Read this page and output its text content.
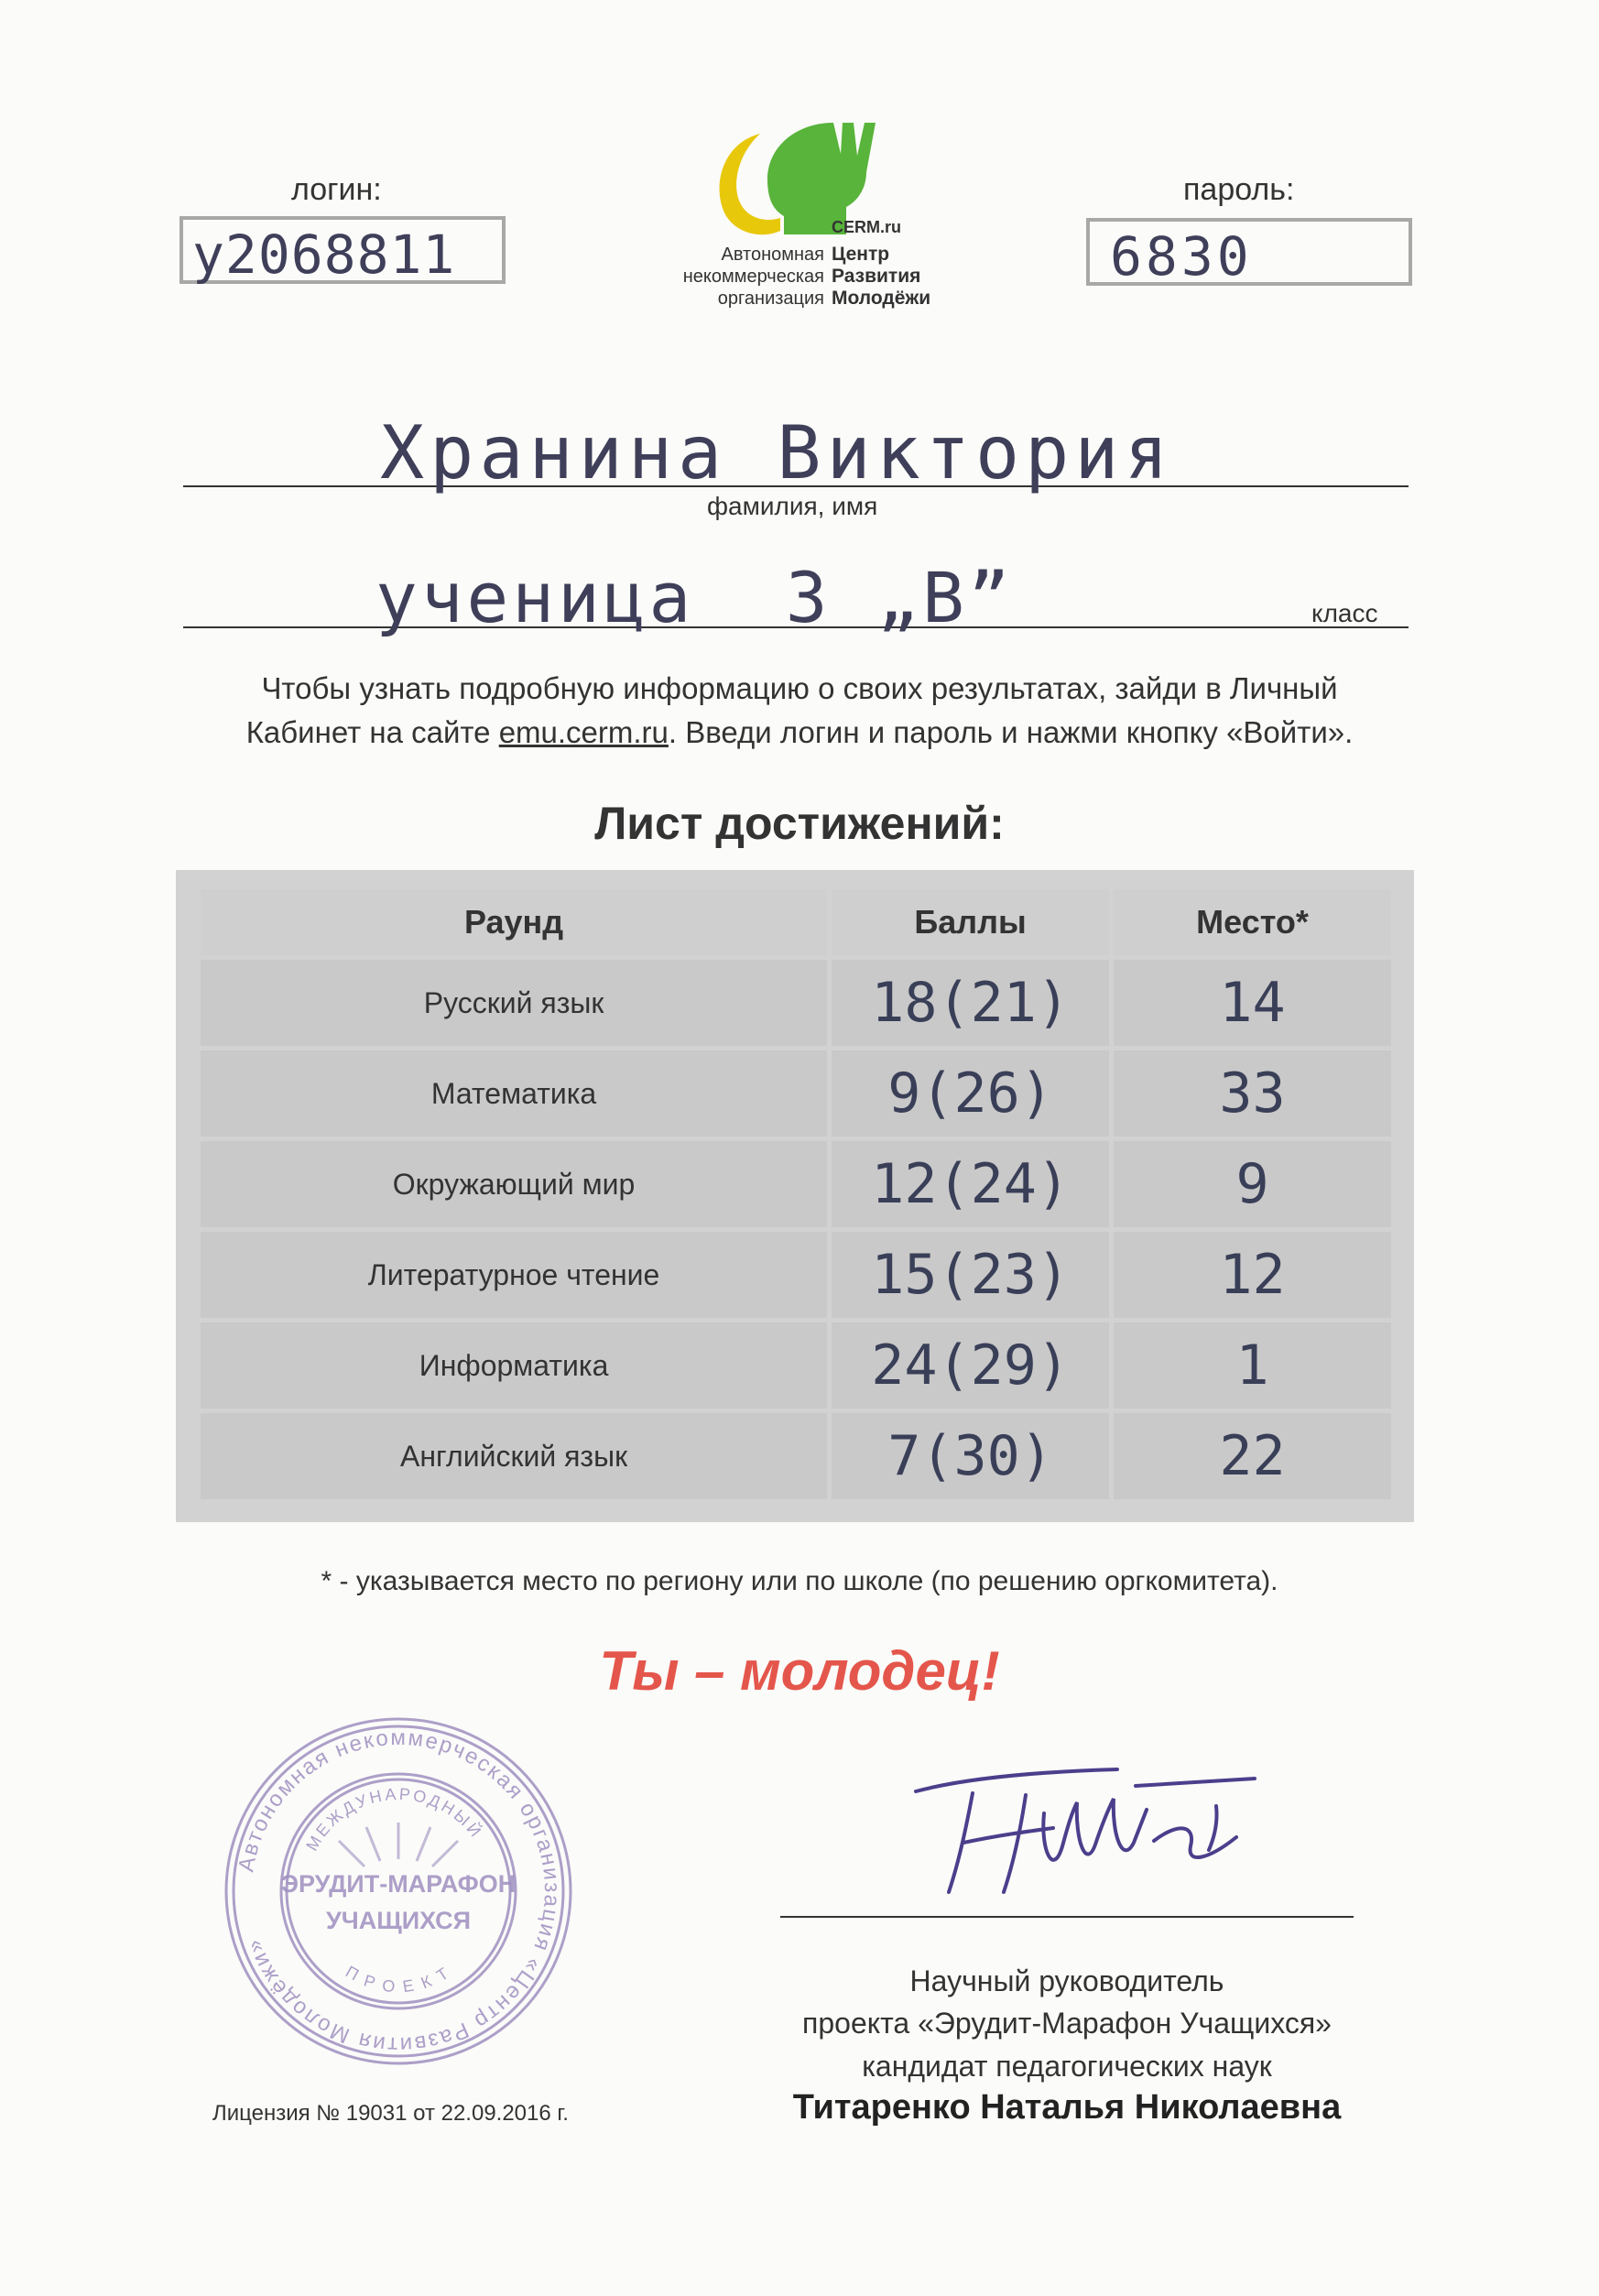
логин:
у2068811
пароль:
6830
CERM.ru
Автономная
некоммерческая
организация
Центр
Развития
Молодёжи
Хранина Виктория
фамилия, имя
ученица  3 „В”	класс
Чтобы узнать подробную информацию о своих результатах, зайди в Личный
Кабинет на сайте emu.cerm.ru. Введи логин и пароль и нажми кнопку «Войти».
Лист достижений:
Раунд	Баллы	Место*
Русский язык	18(21)	14
Математика	9(26)	33
Окружающий мир	12(24)	9
Литературное чтение	15(23)	12
Информатика	24(29)	1
Английский язык	7(30)	22
* - указывается место по региону или по школе (по решению оргкомитета).
Ты – молодец!
Автономная некоммерческая организация «Центр Развития Молодёжи»
МЕЖДУНАРОДНЫЙ
ПРОЕКТ
ЭРУДИТ-МАРАФОН
УЧАЩИХСЯ
Научный руководитель
проекта «Эрудит-Марафон Учащихся»
кандидат педагогических наук
Титаренко Наталья Николаевна
Лицензия № 19031 от 22.09.2016 г.
